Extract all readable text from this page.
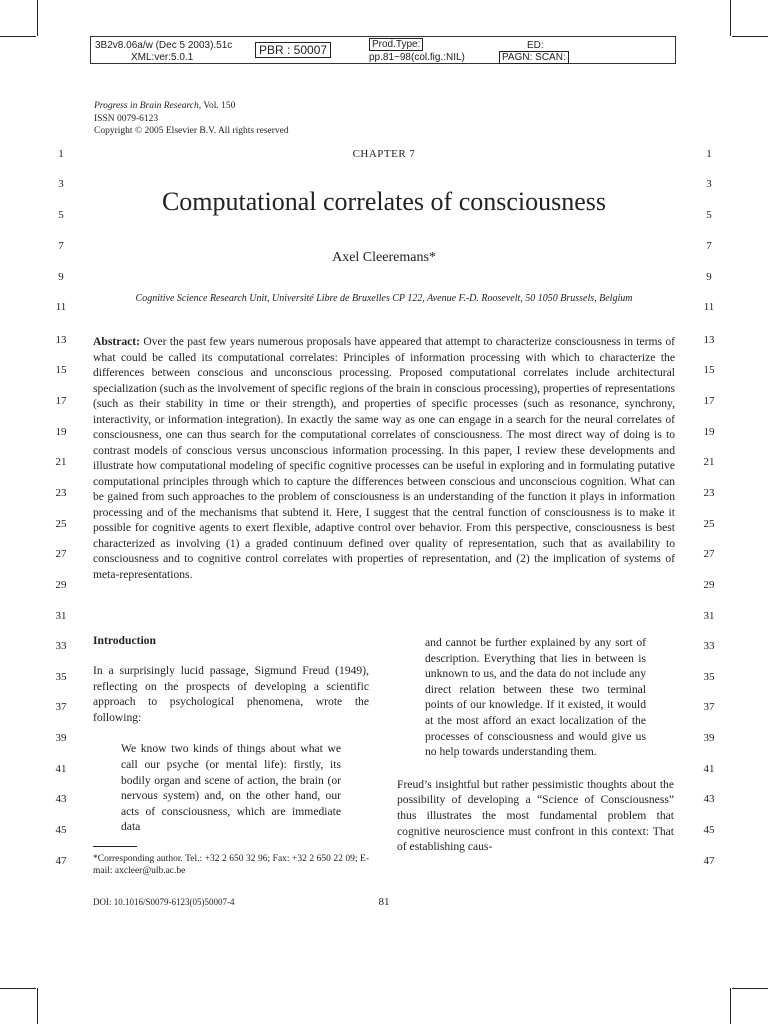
3B2v8.06a/w (Dec 5 2003).51c
XML:ver:5.0.1
PBR : 50007	Prod.Type:
pp.81−98(col.fig.:NIL)
ED:
PAGN: SCAN:
Progress in Brain Research, Vol. 150
ISSN 0079-6123
Copyright © 2005 Elsevier B.V. All rights reserved
CHAPTER 7
Computational correlates of consciousness
Axel Cleeremans*
Cognitive Science Research Unit, Université Libre de Bruxelles CP 122, Avenue F.-D. Roosevelt, 50 1050 Brussels, Belgium
Abstract: Over the past few years numerous proposals have appeared that attempt to characterize consciousness in terms of what could be called its computational correlates: Principles of information processing with which to characterize the differences between conscious and unconscious processing. Proposed computational correlates include architectural specialization (such as the involvement of specific regions of the brain in conscious processing), properties of representations (such as their stability in time or their strength), and properties of specific processes (such as resonance, synchrony, interactivity, or information integration). In exactly the same way as one can engage in a search for the neural correlates of consciousness, one can thus search for the computational correlates of consciousness. The most direct way of doing is to contrast models of conscious versus unconscious information processing. In this paper, I review these developments and illustrate how computational modeling of specific cognitive processes can be useful in exploring and in formulating putative computational principles through which to capture the differences between conscious and unconscious cognition. What can be gained from such approaches to the problem of consciousness is an understanding of the function it plays in information processing and of the mechanisms that subtend it. Here, I suggest that the central function of consciousness is to make it possible for cognitive agents to exert flexible, adaptive control over behavior. From this perspective, consciousness is best characterized as involving (1) a graded continuum defined over quality of representation, such that as availability to consciousness and to cognitive control correlates with properties of representation, and (2) the implication of systems of meta-representations.
Introduction
In a surprisingly lucid passage, Sigmund Freud (1949), reflecting on the prospects of developing a scientific approach to psychological phenomena, wrote the following:
We know two kinds of things about what we call our psyche (or mental life): firstly, its bodily organ and scene of action, the brain (or nervous system) and, on the other hand, our acts of consciousness, which are immediate data
and cannot be further explained by any sort of description. Everything that lies in between is unknown to us, and the data do not include any direct relation between these two terminal points of our knowledge. If it existed, it would at the most afford an exact localization of the processes of consciousness and would give us no help towards understanding them.
Freud’s insightful but rather pessimistic thoughts about the possibility of developing a “Science of Consciousness” thus illustrates the most fundamental problem that cognitive neuroscience must confront in this context: That of establishing caus-
*Corresponding author. Tel.: +32 2 650 32 96; Fax: +32 2 650 22 09; E-mail: axcleer@ulb.ac.be
DOI: 10.1016/S0079-6123(05)50007-4	81
1	1
3	3
5	5
7	7
9	9
11	11
13	13
15	15
17	17
19	19
21	21
23	23
25	25
27	27
29	29
31	31
33	33
35	35
37	37
39	39
41	41
43	43
45	45
47	47
